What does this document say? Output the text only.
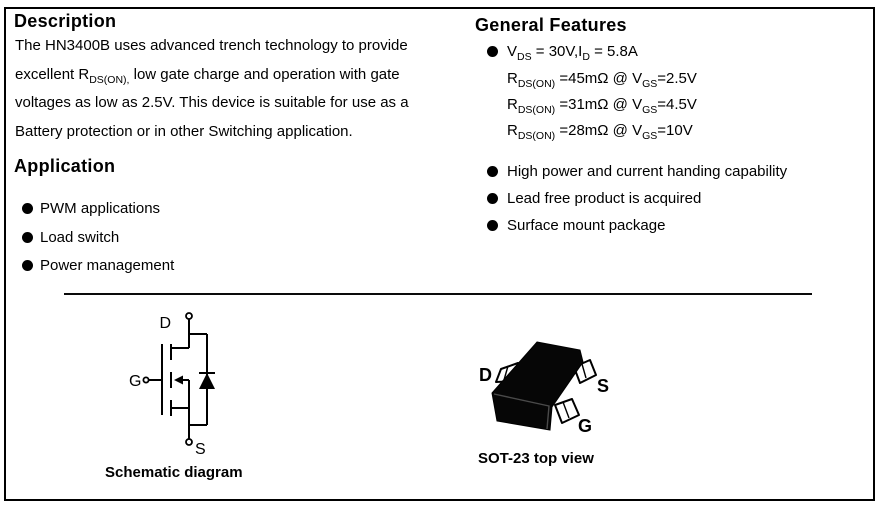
Description
The HN3400B uses advanced trench technology to provide
excellent $R_{DS(ON),}$ low gate charge and operation with gate
voltages as low as 2.5V. This device is suitable for use as a
Battery protection or in other Switching application.
Application
PWM applications
Load switch
Power management
General Features
$V_{DS} = 30V,I_D = 5.8A$
$R_{DS(ON)} =45m\Omega$ @ $V_{GS}=2.5V$
$R_{DS(ON)} =31m\Omega$ @ $V_{GS}=4.5V$
$R_{DS(ON)} =28m\Omega$ @ $V_{GS}=10V$
High power and current handing capability
Lead free product is acquired
Surface mount package
D
G
S
Schematic diagram
D
S
G
SOT-23 top view
